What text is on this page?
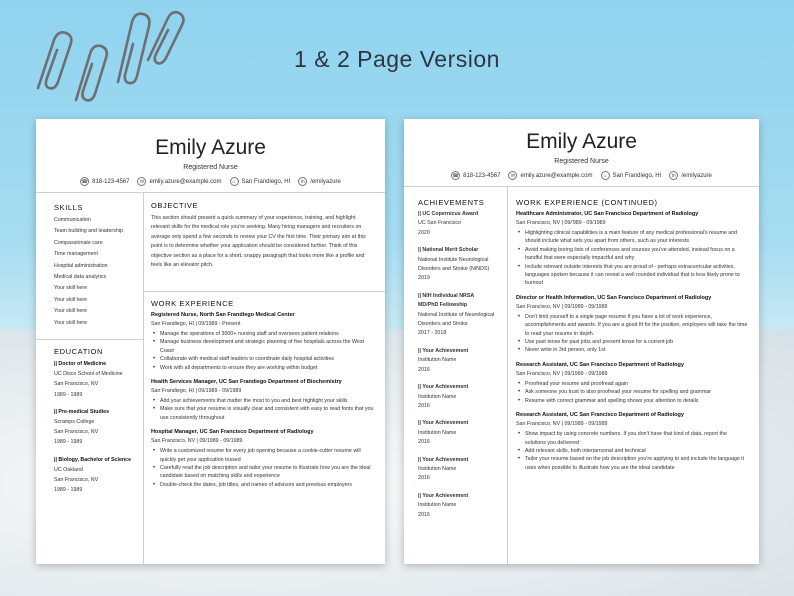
1 & 2 Page Version
Emily Azure
Registered Nurse
☎ 818-123-4567	✉ emily.azure@example.com	⌂ San Frandiego, HI	in /emilyazure
SKILLS
Communication
Team building and leadership
Compassionate care
Time management
Hospital administration
Medical data analytics
Your skill here
Your skill here
Your skill here
Your skill here
EDUCATION
|| Doctor of Medicine
UC Disco School of Medicine
San Francisco, NV
1989 - 1989
|| Pre-medical Studies
Scramps College
San Francisco, NV
1989 - 1989
|| Biology, Bachelor of Science
UC Oakland
San Francisco, NV
1989 - 1989
OBJECTIVE
This section should present a quick summary of your experience, training, and highlight relevant skills for the medical role you're seeking. Many hiring managers and recruiters on average only spend a few seconds to review your CV the first time. Their primary aim at this point is to determine whether your application should be considered further. Think of this objective section as a place for a short, snappy paragraph that looks more like a profile and feels like an elevator pitch.
WORK EXPERIENCE
Registered Nurse, North San Frandiego Medical Center
San Frandiego, HI | 09/1989 - Present
• Manage the operations of 3000+ nursing staff and oversees patient relations
• Manage business development and strategic planning of five hospitals across the West Coast
• Collaborate with medical staff leaders to coordinate daily hospital activities
• Work with all departments to ensure they are working within budget
Health Services Manager, UC San Frandiego Department of Biochemistry
San Frandiego, HI | 09/1989 - 09/1989
• Add your achievements that matter the most to you and best highlight your skills
• Make sure that your resume is visually clear and consistent with easy to read fonts that you use consistently throughout
Hospital Manager, UC San Francisco Department of Radiology
San Francisco, NV | 09/1989 - 09/1989
• Write a customized resume for every job opening because a cookie-cutter resume will quickly get your application tossed
• Carefully read the job description and tailor your resume to illustrate how you are the ideal candidate based on matching skills and experience
• Double-check the dates, job titles, and names of advisors and previous employers
Emily Azure
Registered Nurse
☎ 818-123-4567	✉ emily.azure@example.com	⌂ San Frandiego, HI	in /emilyazure
ACHIEVEMENTS
|| UC Copernicus Award
UC San Francisco
2020
|| National Merit Scholar
National Institute Neurological
Disorders and Stroke (NINDS)
2019
|| NIH Individual NRSA
MD/PhD Fellowship
National Institute of Neurological
Disorders and Stroke
2017 - 2018
|| Your Achievement
Institution Name
2016
|| Your Achievement
Institution Name
2016
|| Your Achievement
Institution Name
2016
|| Your Achievement
Institution Name
2016
|| Your Achievement
Institution Name
2016
WORK EXPERIENCE (CONTINUED)
Healthcare Administrator, UC San Francisco Department of Radiology
San Francisco, NV | 09/'989 - 09/1989
• Highlighting clinical capabilities is a main feature of any medical professional's resume and should include what sets you apart from others, such as your interests
• Avoid making boring lists of conferences and courses you've attended, instead focus on a handful that were especially impactful and why
• Include relevant outside interests that you are proud of - perhaps extracurricular activities, languages spoken because it can reveal a well rounded individual that is less likely prone to burnout
Director or Health Information, UC San Francisco Department of Radiology
San Francisco, NV | 09/1989 - 09/1989
• Don't limit yourself to a single page resume if you have a lot of work experience, accomplishments and awards. If you are a good fit for the position, employers will take the time to read your resume in depth.
• Use past tense for past jobs and present tense for a current job
• Never write in 3rd person, only 1st
Research Assistant, UC San Francisco Department of Radiology
San Francisco, NV | 09/1989 - 09/1989
• Proofread your resume and proofread again
• Ask someone you trust to also proofread your resume for spelling and grammar
• Resume with correct grammar and spelling shows your attention to details
Research Assistant, UC San Francisco Department of Radiology
San Francisco, NV | 09/1989 - 09/1989
• Show impact by using concrete numbers. If you don't have that kind of data, report the solutions you delivered
• Add relevant skills, both interpersonal and technical
• Tailor your resume based on the job description you're applying to and include the language it uses when possible to illustrate how you are the ideal candidate
